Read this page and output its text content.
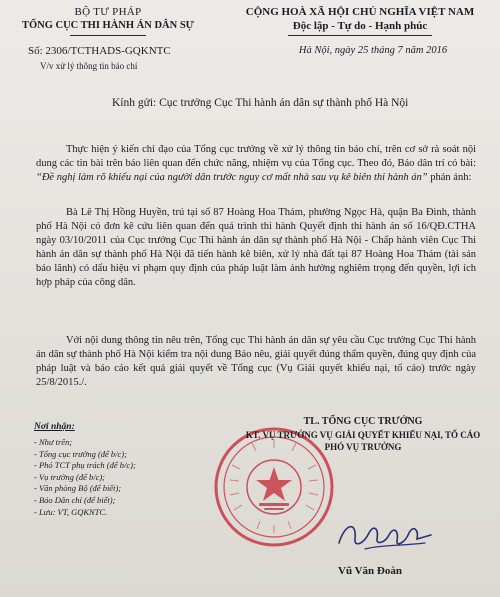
BỘ TƯ PHÁP
TỔNG CỤC THI HÀNH ÁN DÂN SỰ
CỘNG HOÀ XÃ HỘI CHỦ NGHĨA VIỆT NAM
Độc lập - Tự do - Hạnh phúc
Số: 2306/TCTHADS-GQKNTC	Hà Nội, ngày 25 tháng 7 năm 2016
V/v xử lý thông tin báo chí
Kính gửi: Cục trưởng Cục Thi hành án dân sự thành phố Hà Nội
Thực hiện ý kiến chỉ đạo của Tổng cục trưởng về xử lý thông tin báo chí, trên cơ sở rà soát nội dung các tin bài trên báo liên quan đến chức năng, nhiệm vụ của Tổng cục. Theo đó, Báo dân trí có bài: “Đề nghị làm rõ khiếu nại của người dân trước nguy cơ mất nhà sau vụ kê biên thi hành án” phản ánh:
Bà Lê Thị Hồng Huyền, trú tại số 87 Hoàng Hoa Thám, phường Ngọc Hà, quận Ba Đình, thành phố Hà Nội có đơn kê cứu liên quan đến quá trình thi hành Quyết định thi hành án số 16/QĐ.CTHA ngày 03/10/2011 của Cục trưởng Cục Thi hành án dân sự thành phố Hà Nội - Chấp hành viên Cục Thi hành án dân sự thành phố Hà Nội đã tiến hành kê biên, xử lý nhà đất tại 87 Hoàng Hoa Thám (tài sản bảo lãnh) có dấu hiệu vi phạm quy định của pháp luật làm ảnh hưởng nghiêm trọng đến quyền, lợi ích hợp pháp của công dân.
Với nội dung thông tin nêu trên, Tổng cục Thi hành án dân sự yêu cầu Cục trưởng Cục Thi hành án dân sự thành phố Hà Nội kiểm tra nội dung Báo nêu, giải quyết đúng thẩm quyền, đúng quy định của pháp luật và báo cáo kết quả giải quyết về Tổng cục (Vụ Giải quyết khiếu nại, tố cáo) trước ngày 25/8/2015./.
Nơi nhận:
- Như trên;
- Tổng cục trưởng (để b/c);
- Phó TCT phụ trách (để b/c);
- Vụ trưởng (để b/c);
- Văn phòng Bộ (để biết);
- Báo Dân chí (để biết);
- Lưu: VT, GQKNTC.
TL. TỔNG CỤC TRƯỞNG
KT. VỤ TRƯỞNG VỤ GIẢI QUYẾT KHIẾU NẠI, TỐ CÁO
PHÓ VỤ TRƯỞNG
Vũ Văn Đoàn
